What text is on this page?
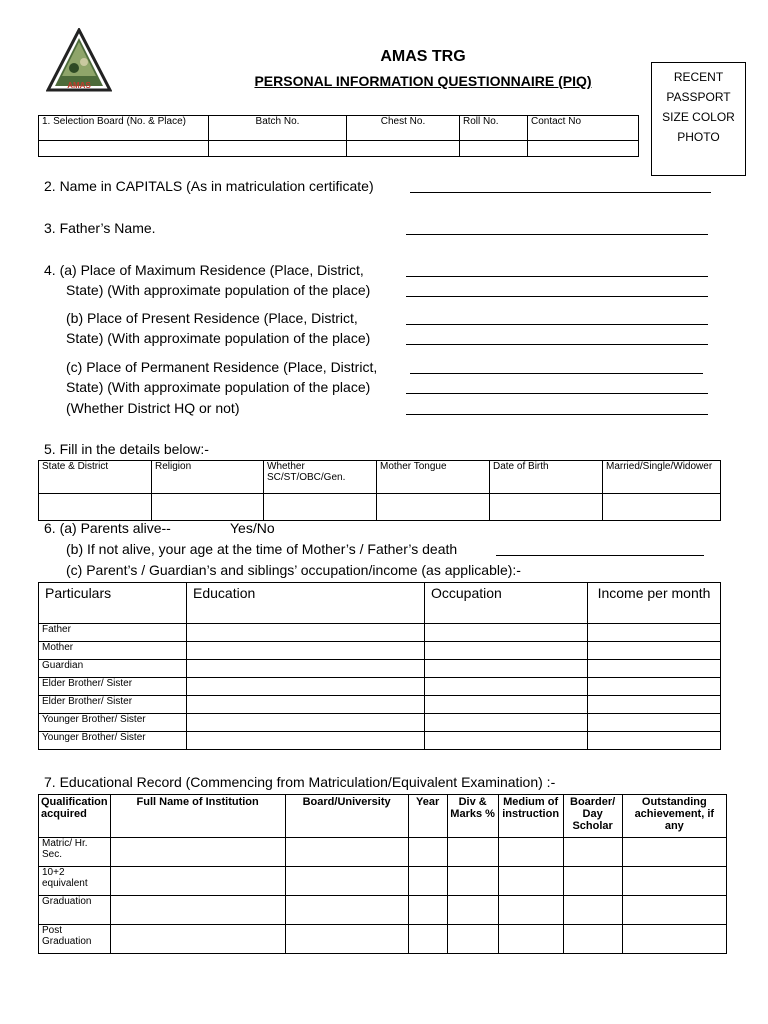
AMAS
AMAS TRG
PERSONAL INFORMATION QUESTIONNAIRE (PIQ)	RECENT
PASSPORT
SIZE COLOR
PHOTO
1. Selection Board (No. & Place)	Batch No.	Chest No.	Roll No.	Contact No

2. Name in CAPITALS (As in matriculation certificate)
3. Father’s Name.
4. (a) Place of Maximum Residence (Place, District,
State) (With approximate population of the place)
(b) Place of Present Residence (Place, District,
State) (With approximate population of the place)
(c) Place of Permanent Residence (Place, District,
State) (With approximate population of the place)
(Whether District HQ or not)
5. Fill in the details below:-
State & District	Religion	Whether SC/ST/OBC/Gen.	Mother Tongue	Date of Birth	Married/Single/Widower

6. (a) Parents alive--	Yes/No
(b) If not alive, your age at the time of Mother’s / Father’s death
(c) Parent’s / Guardian’s and siblings’ occupation/income (as applicable):-
Particulars	Education	Occupation	Income per month
Father			
Mother			
Guardian			
Elder Brother/ Sister			
Elder Brother/ Sister			
Younger Brother/ Sister			
Younger Brother/ Sister			
7. Educational Record (Commencing from Matriculation/Equivalent Examination) :-
Qualification acquired	Full Name of Institution	Board/University	Year	Div & Marks %	Medium of instruction	Boarder/ Day Scholar	Outstanding achievement, if any
Matric/ Hr. Sec.							
10+2 equivalent							
Graduation							
Post Graduation							
